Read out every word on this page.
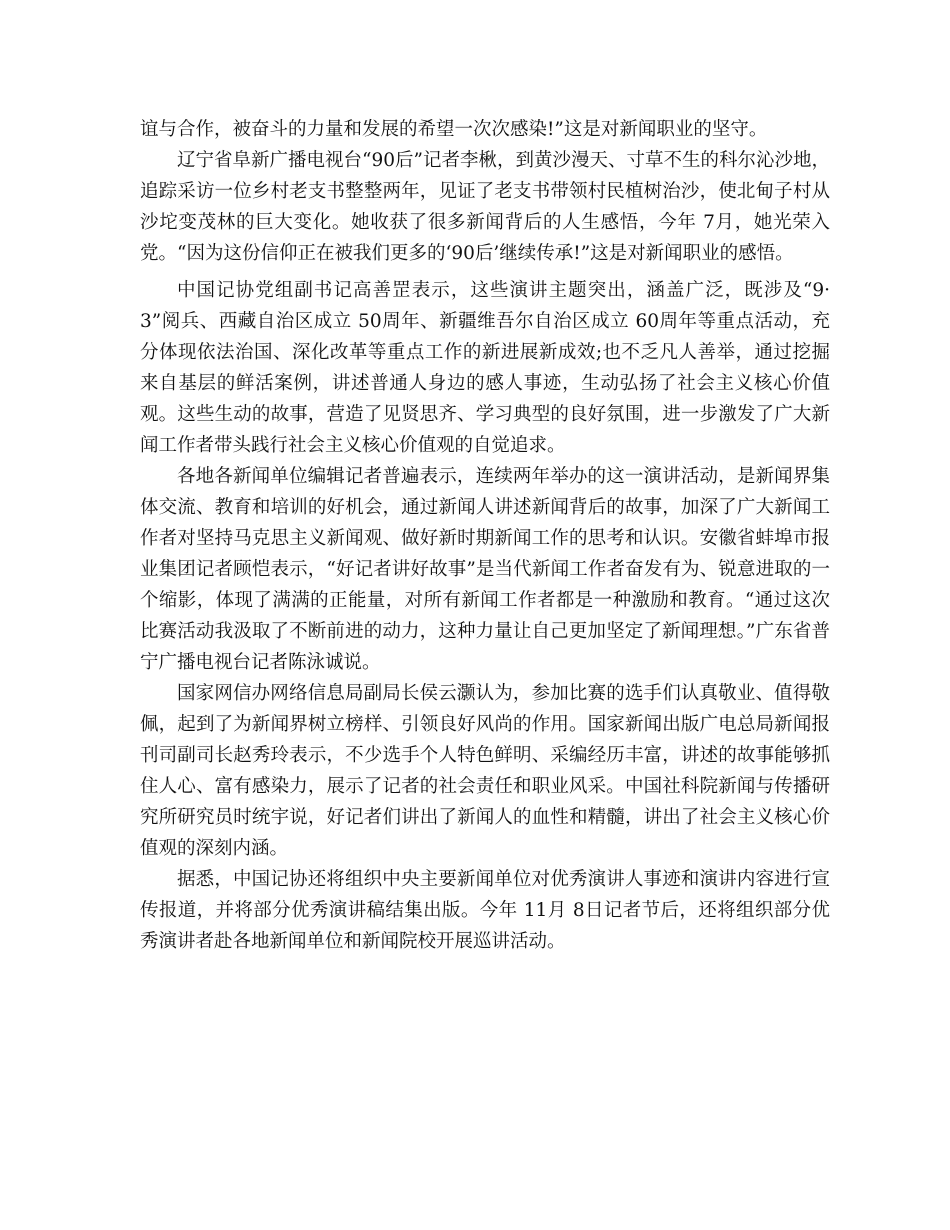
谊与合作，被奋斗的力量和发展的希望一次次感染!”这是对新闻职业的坚守。

辽宁省阜新广播电视台“90后”记者李楸，到黄沙漫天、寸草不生的科尔沁沙地，追踪采访一位乡村老支书整整两年，见证了老支书带领村民植树治沙，使北甸子村从沙坨变茂林的巨大变化。她收获了很多新闻背后的人生感悟，今年 7月，她光荣入党。“因为这份信仰正在被我们更多的‘90后’继续传承!”这是对新闻职业的感悟。

中国记协党组副书记高善罡表示，这些演讲主题突出，涵盖广泛，既涉及“9·3”阅兵、西藏自治区成立 50周年、新疆维吾尔自治区成立 60周年等重点活动，充分体现依法治国、深化改革等重点工作的新进展新成效;也不乏凡人善举，通过挖掘来自基层的鲜活案例，讲述普通人身边的感人事迹，生动弘扬了社会主义核心价值观。这些生动的故事，营造了见贤思齐、学习典型的良好氛围，进一步激发了广大新闻工作者带头践行社会主义核心价值观的自觉追求。

各地各新闻单位编辑记者普遍表示，连续两年举办的这一演讲活动，是新闻界集体交流、教育和培训的好机会，通过新闻人讲述新闻背后的故事，加深了广大新闻工作者对坚持马克思主义新闻观、做好新时期新闻工作的思考和认识。安徽省蚌埠市报业集团记者顾恺表示，“好记者讲好故事”是当代新闻工作者奋发有为、锐意进取的一个缩影，体现了满满的正能量，对所有新闻工作者都是一种激励和教育。“通过这次比赛活动我汲取了不断前进的动力，这种力量让自己更加坚定了新闻理想。”广东省普宁广播电视台记者陈泳诚说。

国家网信办网络信息局副局长侯云灏认为，参加比赛的选手们认真敬业、值得敬佩，起到了为新闻界树立榜样、引领良好风尚的作用。国家新闻出版广电总局新闻报刊司副司长赵秀玲表示，不少选手个人特色鲜明、采编经历丰富，讲述的故事能够抓住人心、富有感染力，展示了记者的社会责任和职业风采。中国社科院新闻与传播研究所研究员时统宇说，好记者们讲出了新闻人的血性和精髓，讲出了社会主义核心价值观的深刻内涵。

据悉，中国记协还将组织中央主要新闻单位对优秀演讲人事迹和演讲内容进行宣传报道，并将部分优秀演讲稿结集出版。今年 11月 8日记者节后，还将组织部分优秀演讲者赴各地新闻单位和新闻院校开展巡讲活动。
